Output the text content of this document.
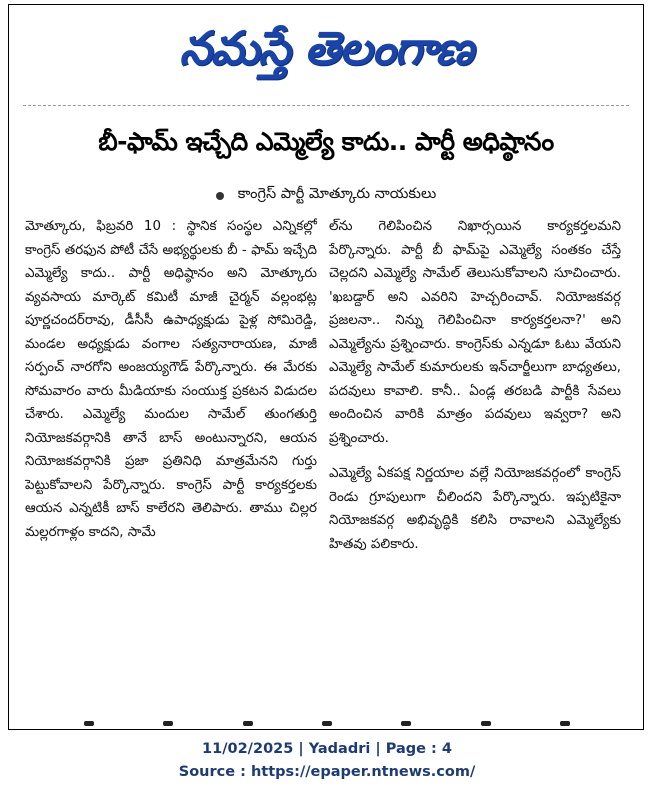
నమస్తే తెలంగాణ
బీ-ఫామ్ ఇచ్చేది ఎమ్మెల్యే కాదు.. పార్టీ అధిష్ఠానం
కాంగ్రెస్ పార్టీ మోత్కూరు నాయకులు

మోత్కూరు, ఫిబ్రవరి 10 : స్థానిక సంస్థల ఎన్నికల్లో కాంగ్రెస్ తరఫున పోటీ చేసే అభ్యర్థులకు బీ - ఫామ్ ఇచ్చేది ఎమ్మెల్యే కాదు.. పార్టీ అధిష్ఠానం అని మోత్కూరు వ్యవసాయ మార్కెట్ కమిటీ మాజీ చైర్మన్ వల్లంభట్ల పూర్ణచందర్‌రావు, డీసీసీ ఉపాధ్యక్షుడు పైళ్ల సోమిరెడ్డి, మండల అధ్యక్షుడు వంగాల సత్యనారాయణ, మాజీ సర్పంచ్ నారగోని అంజయ్యగౌడ్ పేర్కొన్నారు. ఈ మేరకు సోమవారం వారు మీడియాకు సంయుక్త ప్రకటన విడుదల చేశారు. ఎమ్మెల్యే మందుల సామేల్ తుంగతుర్తి నియోజకవర్గానికి తానే బాస్ అంటున్నారని, ఆయన నియోజకవర్గానికి ప్రజా ప్రతినిధి మాత్రమేనని గుర్తు పెట్టుకోవాలని పేర్కొన్నారు. కాంగ్రెస్ పార్టీ కార్యకర్తలకు ఆయన ఎన్నటికీ బాస్ కాలేరని తెలిపారు. తాము చిల్లర మల్లరగాళ్లం కాదని, సామే

ల్‌ను గెలిపించిన నిఖార్సయిన కార్యకర్తలమని పేర్కొన్నారు. పార్టీ బీ ఫామ్‌పై ఎమ్మెల్యే సంతకం చేస్తే చెల్లదని ఎమ్మెల్యే సామేల్ తెలుసుకోవాలని సూచించారు. 'ఖబడ్దార్ అని ఎవరిని హెచ్చరించావ్. నియోజకవర్గ ప్రజలనా.. నిన్ను గెలిపించినా కార్యకర్తలనా?' అని ఎమ్మెల్యేను ప్రశ్నించారు. కాంగ్రెస్‌కు ఎన్నడూ ఓటు వేయని ఎమ్మెల్యే సామేల్ కుమారులకు ఇన్‌చార్జీలుగా బాధ్యతలు, పదవులు కావాలి. కానీ.. ఏండ్ల తరబడి పార్టీకి సేవలు అందించిన వారికి మాత్రం పదవులు ఇవ్వరా? అని ప్రశ్నించారు.

ఎమ్మెల్యే ఏకపక్ష నిర్ణయాల వల్లే నియోజకవర్గంలో కాంగ్రెస్ రెండు గ్రూపులుగా చీలిందని పేర్కొన్నారు. ఇప్పటికైనా నియోజకవర్గ అభివృద్ధికి కలిసి రావాలని ఎమ్మెల్యేకు హితవు పలికారు.

11/02/2025 | Yadadri | Page : 4
Source : https://epaper.ntnews.com/
